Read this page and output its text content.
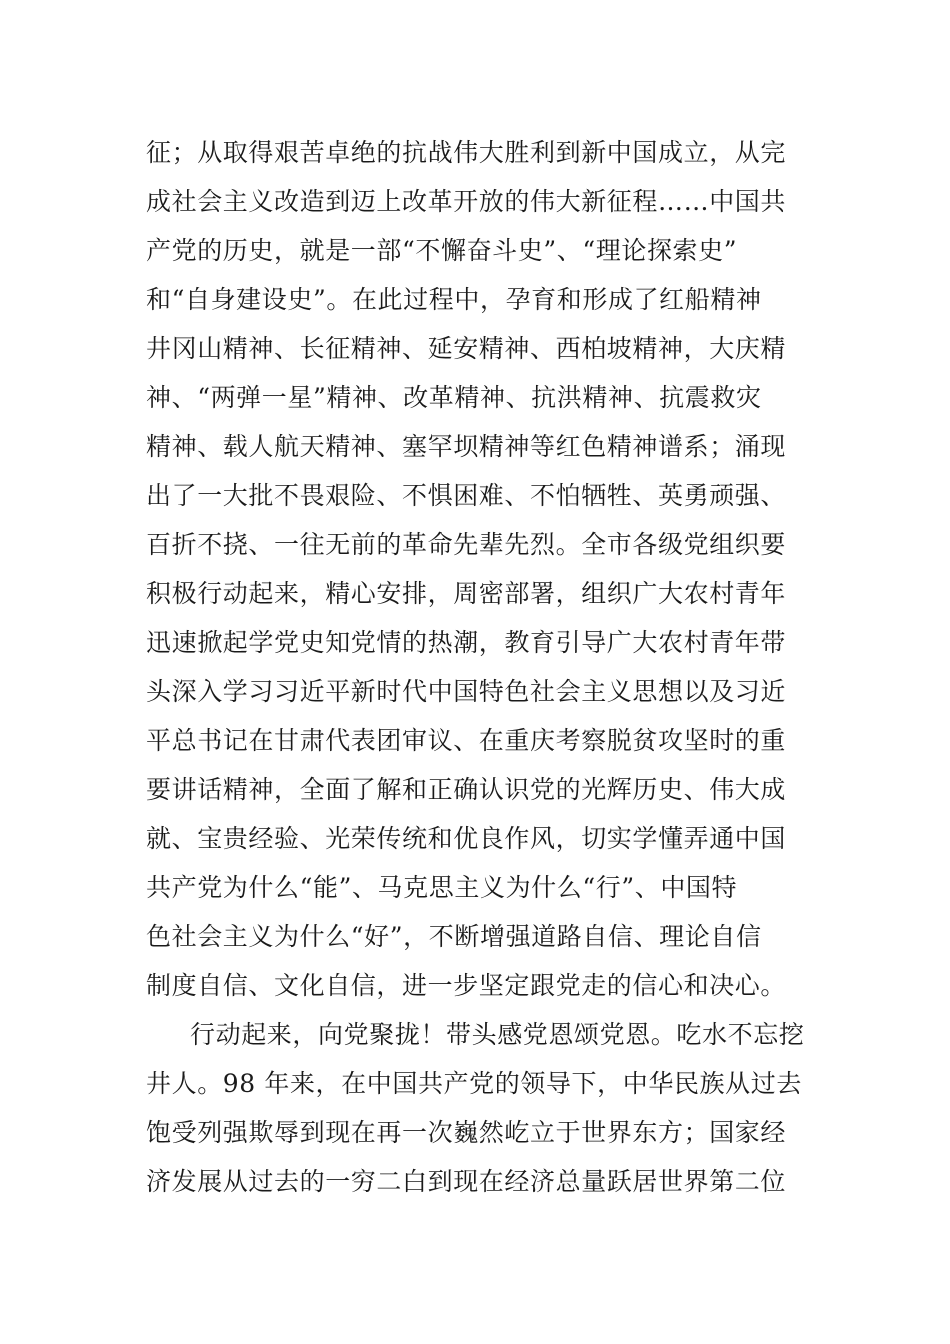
征；从取得艰苦卓绝的抗战伟大胜利到新中国成立，从完
成社会主义改造到迈上改革开放的伟大新征程……中国共
产党的历史，就是一部“不懈奋斗史”、“理论探索史”
和“自身建设史”。在此过程中，孕育和形成了红船精神
井冈山精神、长征精神、延安精神、西柏坡精神，大庆精
神、“两弹一星”精神、改革精神、抗洪精神、抗震救灾
精神、载人航天精神、塞罕坝精神等红色精神谱系；涌现
出了一大批不畏艰险、不惧困难、不怕牺牲、英勇顽强、
百折不挠、一往无前的革命先辈先烈。全市各级党组织要
积极行动起来，精心安排，周密部署，组织广大农村青年
迅速掀起学党史知党情的热潮，教育引导广大农村青年带
头深入学习习近平新时代中国特色社会主义思想以及习近
平总书记在甘肃代表团审议、在重庆考察脱贫攻坚时的重
要讲话精神，全面了解和正确认识党的光辉历史、伟大成
就、宝贵经验、光荣传统和优良作风，切实学懂弄通中国
共产党为什么“能”、马克思主义为什么“行”、中国特
色社会主义为什么“好”，不断增强道路自信、理论自信
制度自信、文化自信，进一步坚定跟党走的信心和决心。
行动起来，向党聚拢！带头感党恩颂党恩。吃水不忘挖
井人。98 年来，在中国共产党的领导下，中华民族从过去
饱受列强欺辱到现在再一次巍然屹立于世界东方；国家经
济发展从过去的一穷二白到现在经济总量跃居世界第二位
